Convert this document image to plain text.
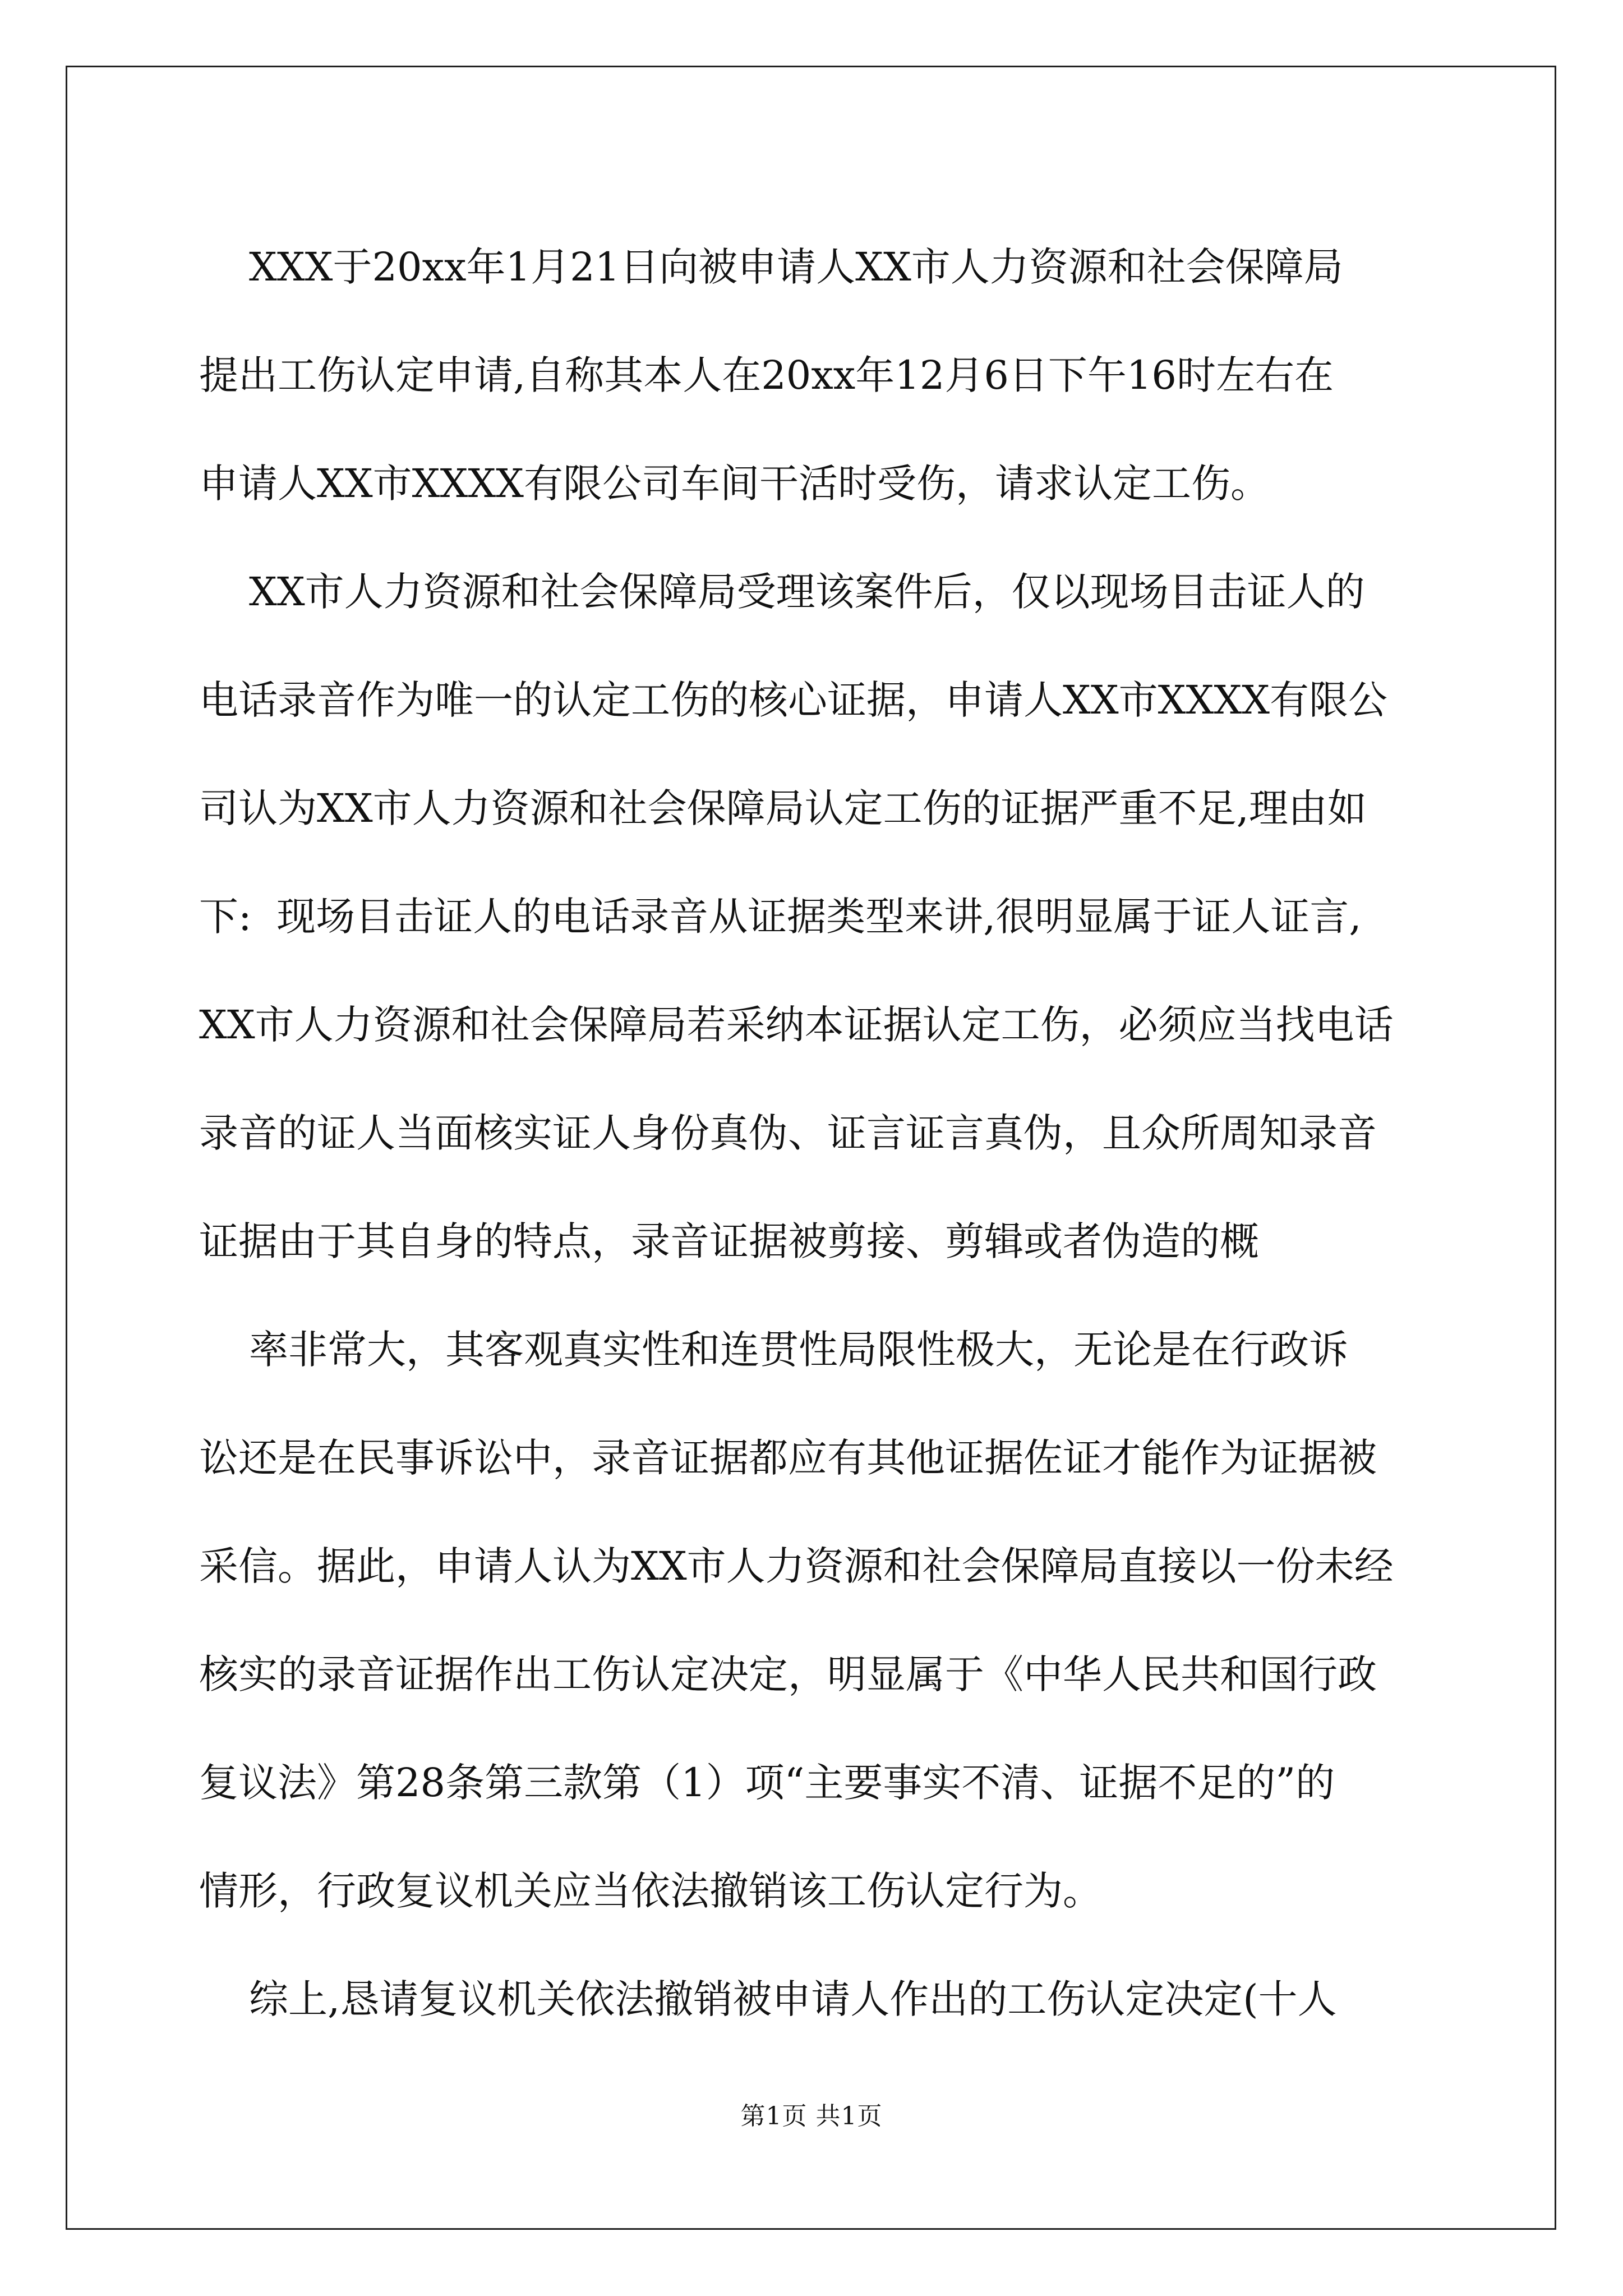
XXX于20xx年1月21日向被申请人XX市人力资源和社会保障局
提出工伤认定申请,自称其本人在20xx年12月6日下午16时左右在
申请人XX市XXXX有限公司车间干活时受伤，请求认定工伤。
XX市人力资源和社会保障局受理该案件后，仅以现场目击证人的
电话录音作为唯一的认定工伤的核心证据，申请人XX市XXXX有限公
司认为XX市人力资源和社会保障局认定工伤的证据严重不足,理由如
下:  现场目击证人的电话录音从证据类型来讲,很明显属于证人证言,
XX市人力资源和社会保障局若采纳本证据认定工伤，必须应当找电话
录音的证人当面核实证人身份真伪、证言证言真伪，且众所周知录音
证据由于其自身的特点，录音证据被剪接、剪辑或者伪造的概
率非常大，其客观真实性和连贯性局限性极大，无论是在行政诉
讼还是在民事诉讼中，录音证据都应有其他证据佐证才能作为证据被
采信。据此，申请人认为XX市人力资源和社会保障局直接以一份未经
核实的录音证据作出工伤认定决定，明显属于《中华人民共和国行政
复议法》第28条第三款第（1）项“主要事实不清、证据不足的”的
情形，行政复议机关应当依法撤销该工伤认定行为。
综上,恳请复议机关依法撤销被申请人作出的工伤认定决定(十人
第1页 共1页
